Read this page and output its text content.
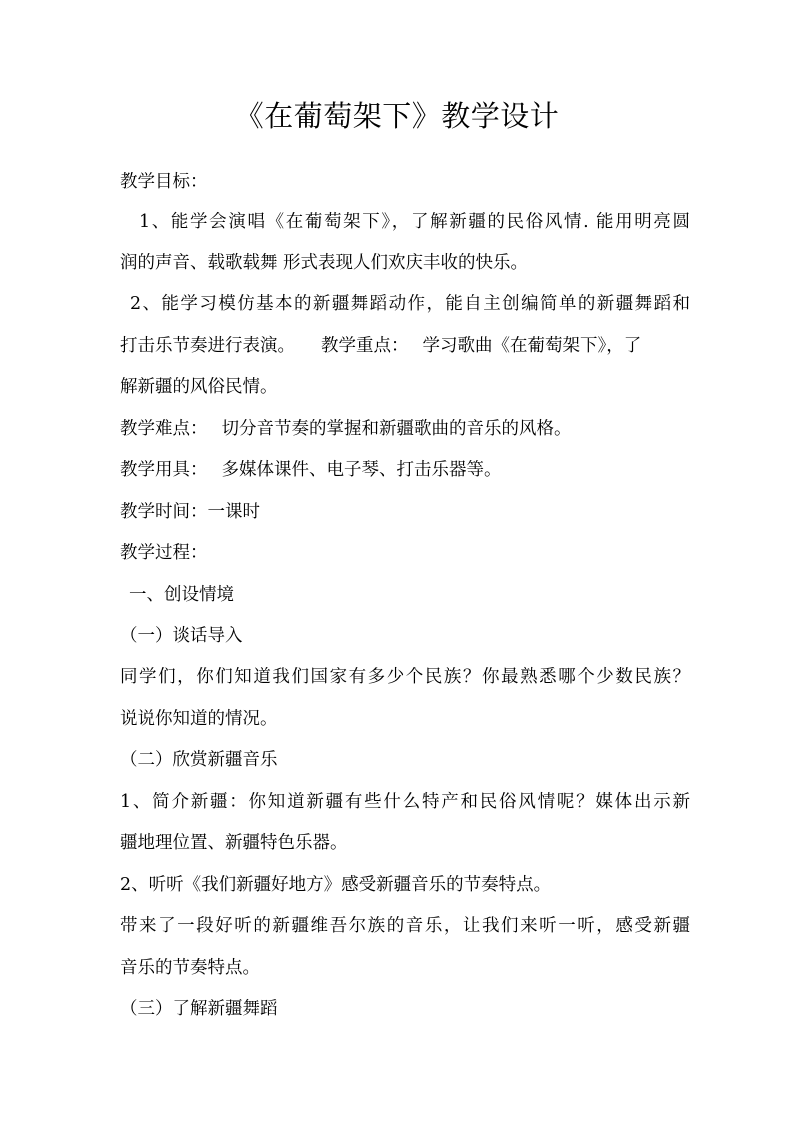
《在葡萄架下》教学设计
教学目标：
1、能学会演唱《在葡萄架下》，了解新疆的民俗风情. 能用明亮圆
润的声音、载歌载舞 形式表现人们欢庆丰收的快乐。
2、能学习模仿基本的新疆舞蹈动作，能自主创编简单的新疆舞蹈和
打击乐节奏进行表演。 教学重点： 学习歌曲《在葡萄架下》，了
解新疆的风俗民情。
教学难点： 切分音节奏的掌握和新疆歌曲的音乐的风格。
教学用具： 多媒体课件、电子琴、打击乐器等。
教学时间：一课时
教学过程：
一、创设情境
（一）谈话导入
同学们，你们知道我们国家有多少个民族？你最熟悉哪个少数民族？
说说你知道的情况。
（二）欣赏新疆音乐
1、简介新疆：你知道新疆有些什么特产和民俗风情呢？媒体出示新
疆地理位置、新疆特色乐器。
2、听听《我们新疆好地方》感受新疆音乐的节奏特点。
带来了一段好听的新疆维吾尔族的音乐，让我们来听一听，感受新疆
音乐的节奏特点。
（三）了解新疆舞蹈
